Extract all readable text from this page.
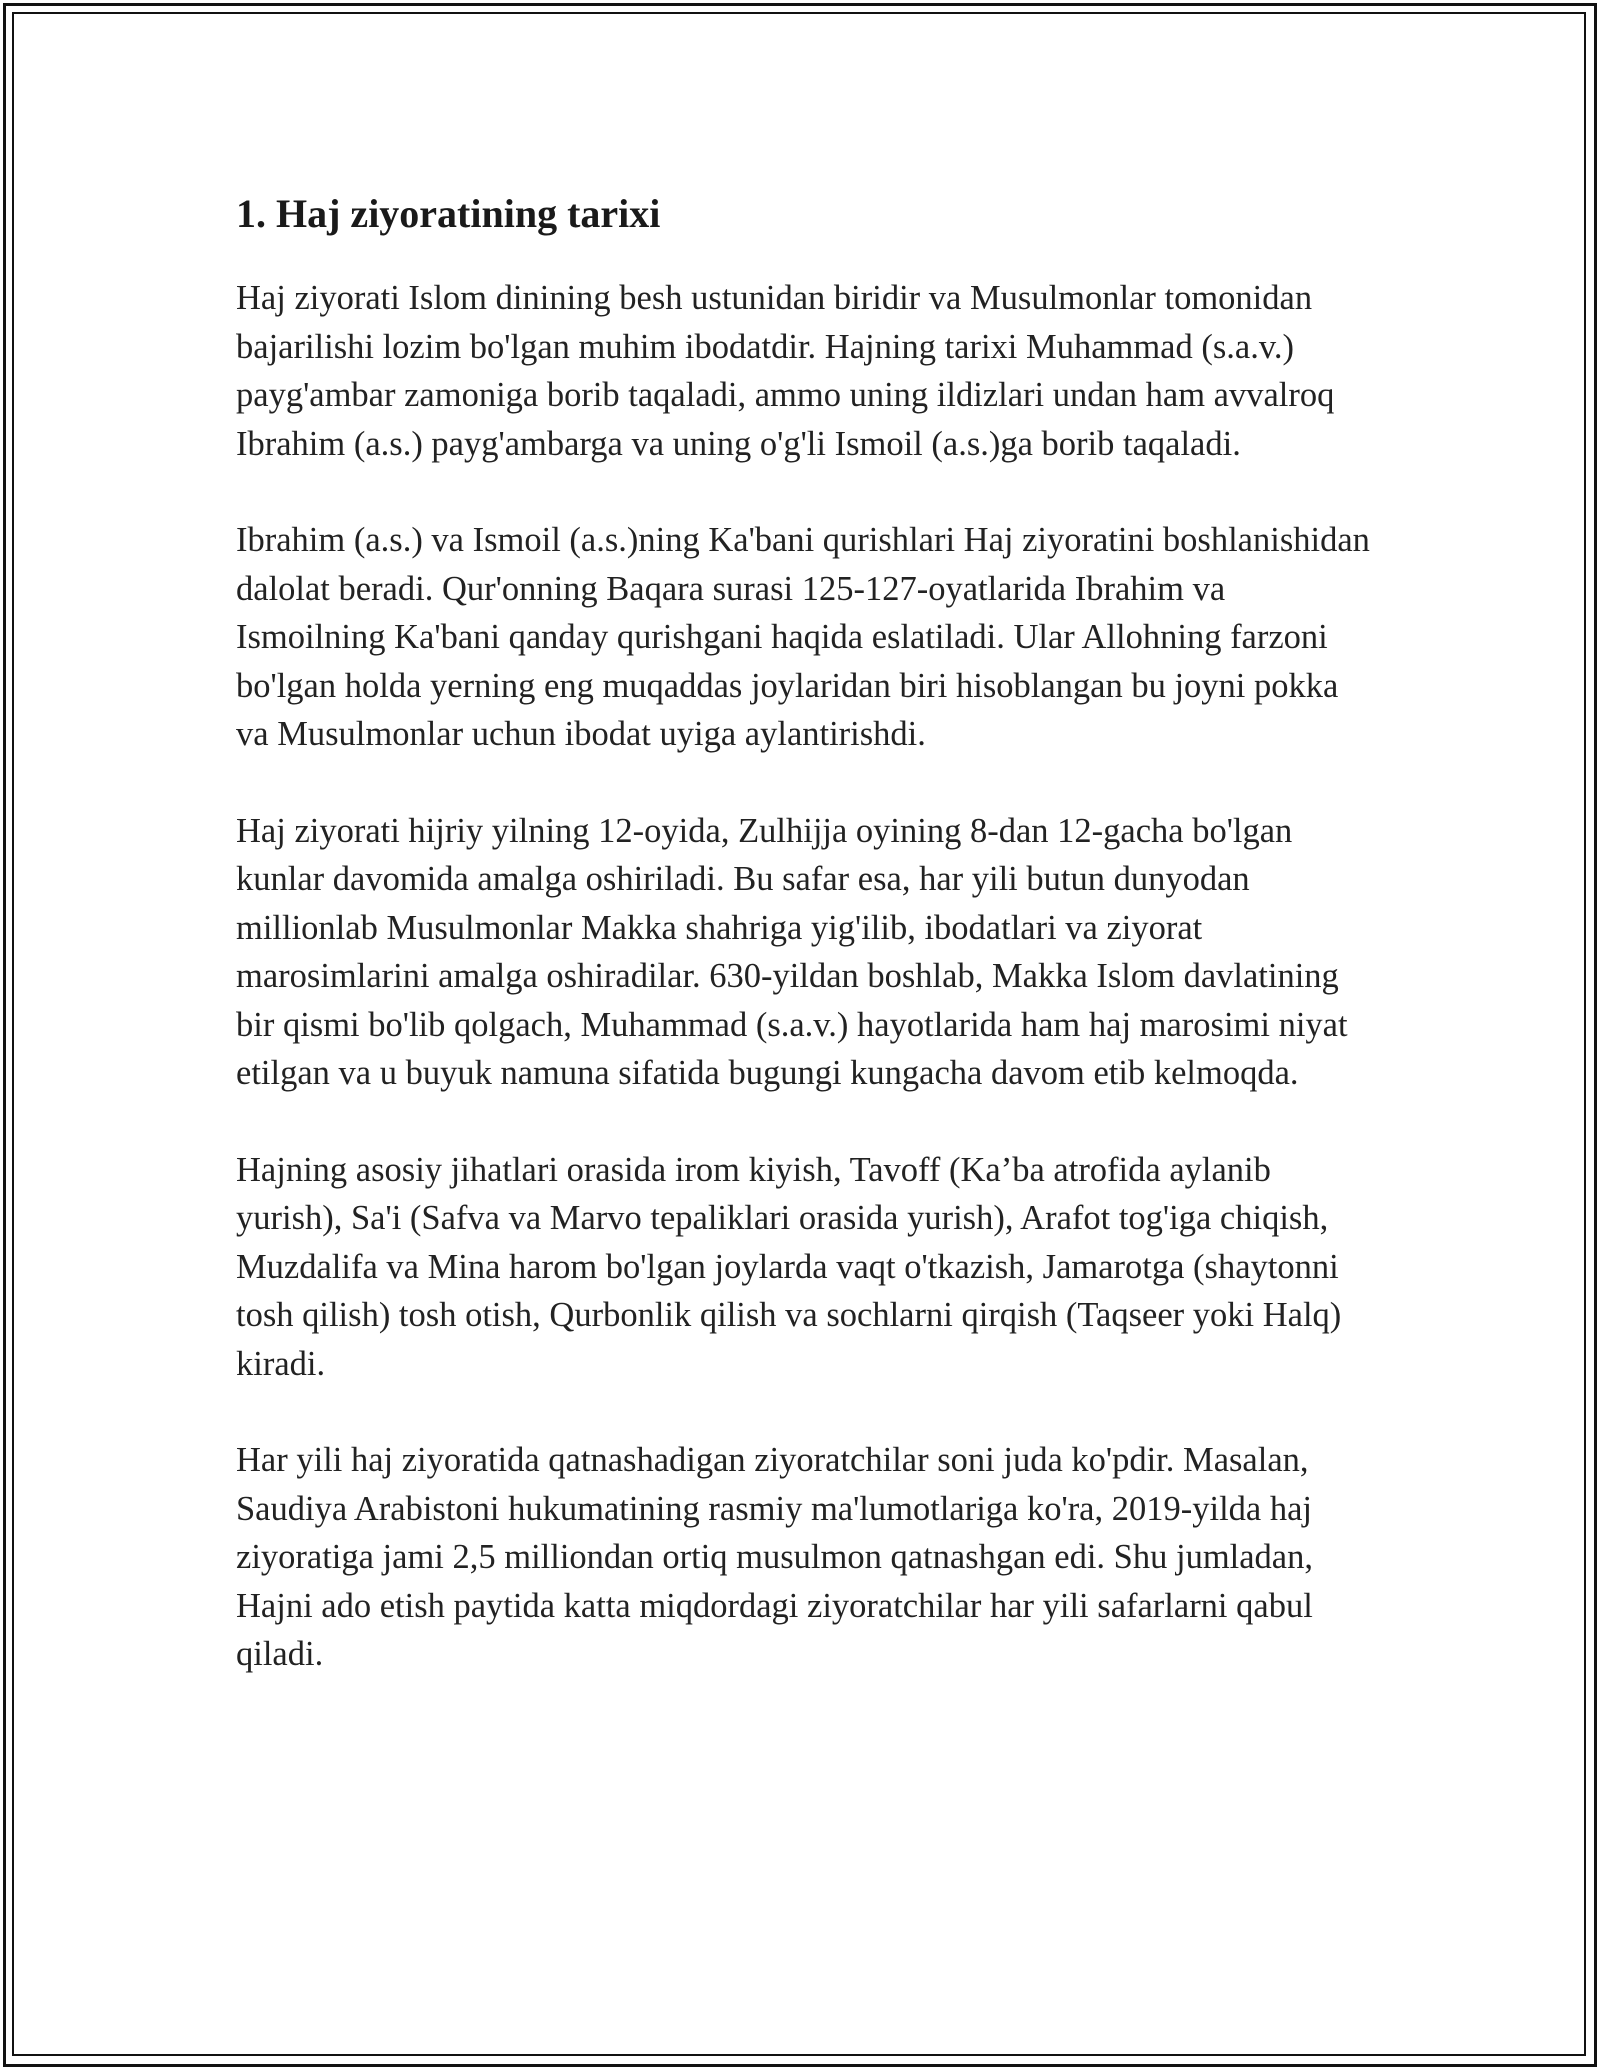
1. Haj ziyoratining tarixi

Haj ziyorati Islom dinining besh ustunidan biridir va Musulmonlar tomonidan bajarilishi lozim bo'lgan muhim ibodatdir. Hajning tarixi Muhammad (s.a.v.) payg'ambar zamoniga borib taqaladi, ammo uning ildizlari undan ham avvalroq Ibrahim (a.s.) payg'ambarga va uning o'g'li Ismoil (a.s.)ga borib taqaladi.

Ibrahim (a.s.) va Ismoil (a.s.)ning Ka'bani qurishlari Haj ziyoratini boshlanishidan dalolat beradi. Qur'onning Baqara surasi 125-127-oyatlarida Ibrahim va Ismoilning Ka'bani qanday qurishgani haqida eslatiladi. Ular Allohning farzoni bo'lgan holda yerning eng muqaddas joylaridan biri hisoblangan bu joyni pokka va Musulmonlar uchun ibodat uyiga aylantirishdi.

Haj ziyorati hijriy yilning 12-oyida, Zulhijja oyining 8-dan 12-gacha bo'lgan kunlar davomida amalga oshiriladi. Bu safar esa, har yili butun dunyodan millionlab Musulmonlar Makka shahriga yig'ilib, ibodatlari va ziyorat marosimlarini amalga oshiradilar. 630-yildan boshlab, Makka Islom davlatining bir qismi bo'lib qolgach, Muhammad (s.a.v.) hayotlarida ham haj marosimi niyat etilgan va u buyuk namuna sifatida bugungi kungacha davom etib kelmoqda.

Hajning asosiy jihatlari orasida irom kiyish, Tavoff (Ka’ba atrofida aylanib yurish), Sa'i (Safva va Marvo tepaliklari orasida yurish), Arafot tog'iga chiqish, Muzdalifa va Mina harom bo'lgan joylarda vaqt o'tkazish, Jamarotga (shaytonni tosh qilish) tosh otish, Qurbonlik qilish va sochlarni qirqish (Taqseer yoki Halq) kiradi.

Har yili haj ziyoratida qatnashadigan ziyoratchilar soni juda ko'pdir. Masalan, Saudiya Arabistoni hukumatining rasmiy ma'lumotlariga ko'ra, 2019-yilda haj ziyoratiga jami 2,5 milliondan ortiq musulmon qatnashgan edi. Shu jumladan, Hajni ado etish paytida katta miqdordagi ziyoratchilar har yili safarlarni qabul qiladi.
